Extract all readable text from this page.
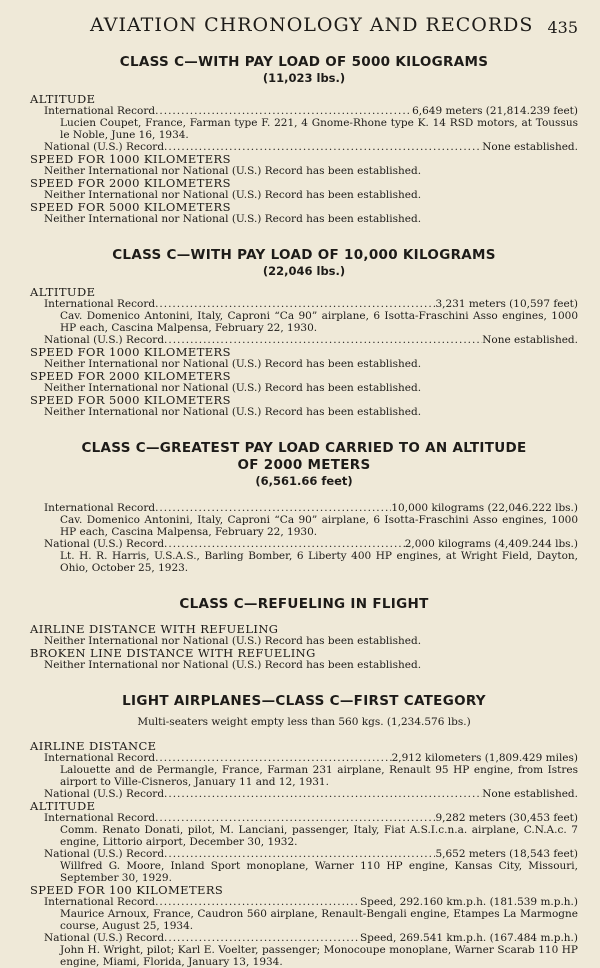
AVIATION CHRONOLOGY AND RECORDS 435
CLASS C—WITH PAY LOAD OF 5000 KILOGRAMS
(11,023 lbs.)
ALTITUDE
International Record .....	6,649 meters (21,814.239 feet)
Lucien Coupet, France, Farman type F. 221, 4 Gnome-Rhone type K. 14 RSD motors, at Toussus le Noble, June 16, 1934.
National (U.S.) Record .....	None established.
SPEED FOR 1000 KILOMETERS
Neither International nor National (U.S.) Record has been established.
SPEED FOR 2000 KILOMETERS
Neither International nor National (U.S.) Record has been established.
SPEED FOR 5000 KILOMETERS
Neither International nor National (U.S.) Record has been established.
CLASS C—WITH PAY LOAD OF 10,000 KILOGRAMS
(22,046 lbs.)
ALTITUDE
International Record .....	3,231 meters (10,597 feet)
Cav. Domenico Antonini, Italy, Caproni “Ca 90” airplane, 6 Isotta-Fraschini Asso engines, 1000 HP each, Cascina Malpensa, February 22, 1930.
National (U.S.) Record .....	None established.
SPEED FOR 1000 KILOMETERS
Neither International nor National (U.S.) Record has been established.
SPEED FOR 2000 KILOMETERS
Neither International nor National (U.S.) Record has been established.
SPEED FOR 5000 KILOMETERS
Neither International nor National (U.S.) Record has been established.
CLASS C—GREATEST PAY LOAD CARRIED TO AN ALTITUDE OF 2000 METERS
(6,561.66 feet)
International Record .....	10,000 kilograms (22,046.222 lbs.)
Cav. Domenico Antonini, Italy, Caproni “Ca 90” airplane, 6 Isotta-Fraschini Asso engines, 1000 HP each, Cascina Malpensa, February 22, 1930.
National (U.S.) Record .....	2,000 kilograms (4,409.244 lbs.)
Lt. H. R. Harris, U.S.A.S., Barling Bomber, 6 Liberty 400 HP engines, at Wright Field, Dayton, Ohio, October 25, 1923.
CLASS C—REFUELING IN FLIGHT
AIRLINE DISTANCE WITH REFUELING
Neither International nor National (U.S.) Record has been established.
BROKEN LINE DISTANCE WITH REFUELING
Neither International nor National (U.S.) Record has been established.
LIGHT AIRPLANES—CLASS C—FIRST CATEGORY
Multi-seaters weight empty less than 560 kgs. (1,234.576 lbs.)
AIRLINE DISTANCE
International Record .....	2,912 kilometers (1,809.429 miles)
Lalouette and de Permangle, France, Farman 231 airplane, Renault 95 HP engine, from Istres airport to Ville-Cisneros, January 11 and 12, 1931.
National (U.S.) Record .....	None established.
ALTITUDE
International Record .....	9,282 meters (30,453 feet)
Comm. Renato Donati, pilot, M. Lanciani, passenger, Italy, Fiat A.S.I.c.n.a. airplane, C.N.A.c. 7 engine, Littorio airport, December 30, 1932.
National (U.S.) Record .....	5,652 meters (18,543 feet)
Willfred G. Moore, Inland Sport monoplane, Warner 110 HP engine, Kansas City, Missouri, September 30, 1929.
SPEED FOR 100 KILOMETERS
International Record .....	Speed, 292.160 km.p.h. (181.539 m.p.h.)
Maurice Arnoux, France, Caudron 560 airplane, Renault-Bengali engine, Etampes La Marmogne course, August 25, 1934.
National (U.S.) Record .....	Speed, 269.541 km.p.h. (167.484 m.p.h.)
John H. Wright, pilot; Karl E. Voelter, passenger; Monocoupe monoplane, Warner Scarab 110 HP engine, Miami, Florida, January 13, 1934.
